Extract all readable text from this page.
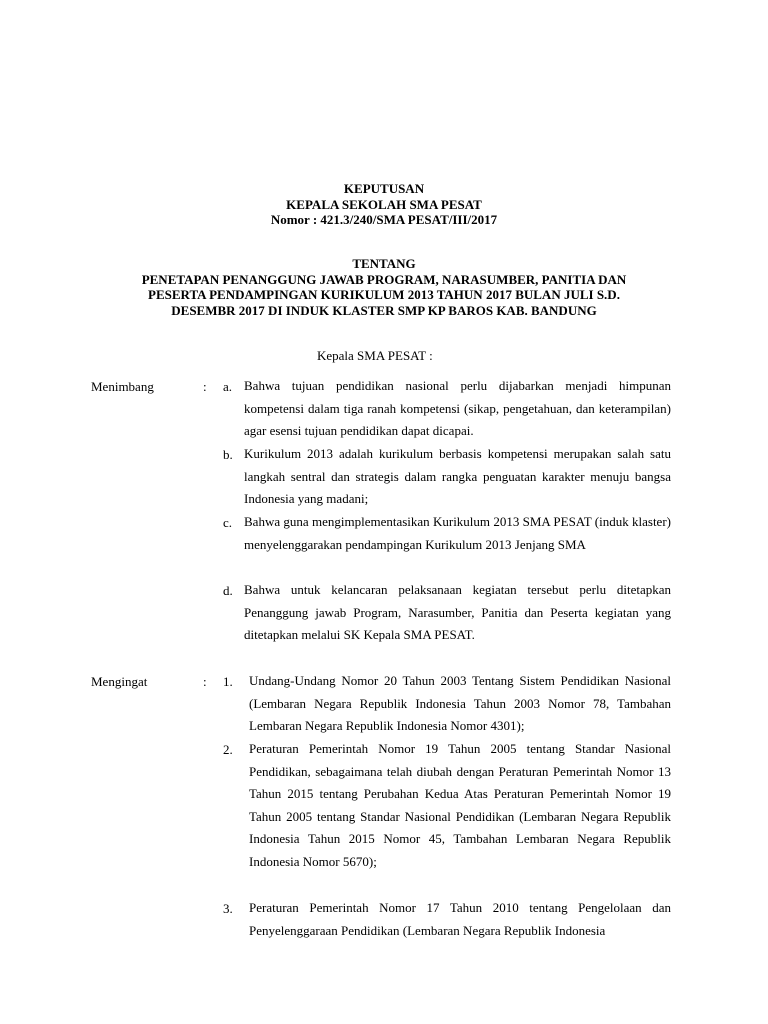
KEPUTUSAN
KEPALA SEKOLAH SMA PESAT
Nomor : 421.3/240/SMA PESAT/III/2017
TENTANG
PENETAPAN PENANGGUNG JAWAB PROGRAM, NARASUMBER, PANITIA DAN
PESERTA PENDAMPINGAN KURIKULUM 2013 TAHUN 2017 BULAN JULI S.D.
DESEMBR 2017 DI INDUK KLASTER SMP KP BAROS KAB. BANDUNG
Kepala SMA PESAT :
Menimbang	: a. Bahwa tujuan pendidikan nasional perlu dijabarkan menjadi himpunan kompetensi dalam tiga ranah kompetensi (sikap, pengetahuan, dan keterampilan) agar esensi tujuan pendidikan dapat dicapai.
b. Kurikulum 2013 adalah kurikulum berbasis kompetensi merupakan salah satu langkah sentral dan strategis dalam rangka penguatan karakter menuju bangsa Indonesia yang madani;
c. Bahwa guna mengimplementasikan Kurikulum 2013 SMA PESAT (induk klaster) menyelenggarakan pendampingan Kurikulum 2013 Jenjang SMA
d. Bahwa untuk kelancaran pelaksanaan kegiatan tersebut perlu ditetapkan Penanggung jawab Program, Narasumber, Panitia dan Peserta kegiatan yang ditetapkan melalui SK Kepala SMA PESAT.
Mengingat	: 1. Undang-Undang Nomor 20 Tahun 2003 Tentang Sistem Pendidikan Nasional (Lembaran Negara Republik Indonesia Tahun 2003 Nomor 78, Tambahan Lembaran Negara Republik Indonesia Nomor 4301);
2. Peraturan Pemerintah Nomor 19 Tahun 2005 tentang Standar Nasional Pendidikan, sebagaimana telah diubah dengan Peraturan Pemerintah Nomor 13 Tahun 2015 tentang Perubahan Kedua Atas Peraturan Pemerintah Nomor 19 Tahun 2005 tentang Standar Nasional Pendidikan (Lembaran Negara Republik Indonesia Tahun 2015 Nomor 45, Tambahan Lembaran Negara Republik Indonesia Nomor 5670);
3. Peraturan Pemerintah Nomor 17 Tahun 2010 tentang Pengelolaan dan Penyelenggaraan Pendidikan (Lembaran Negara Republik Indonesia
